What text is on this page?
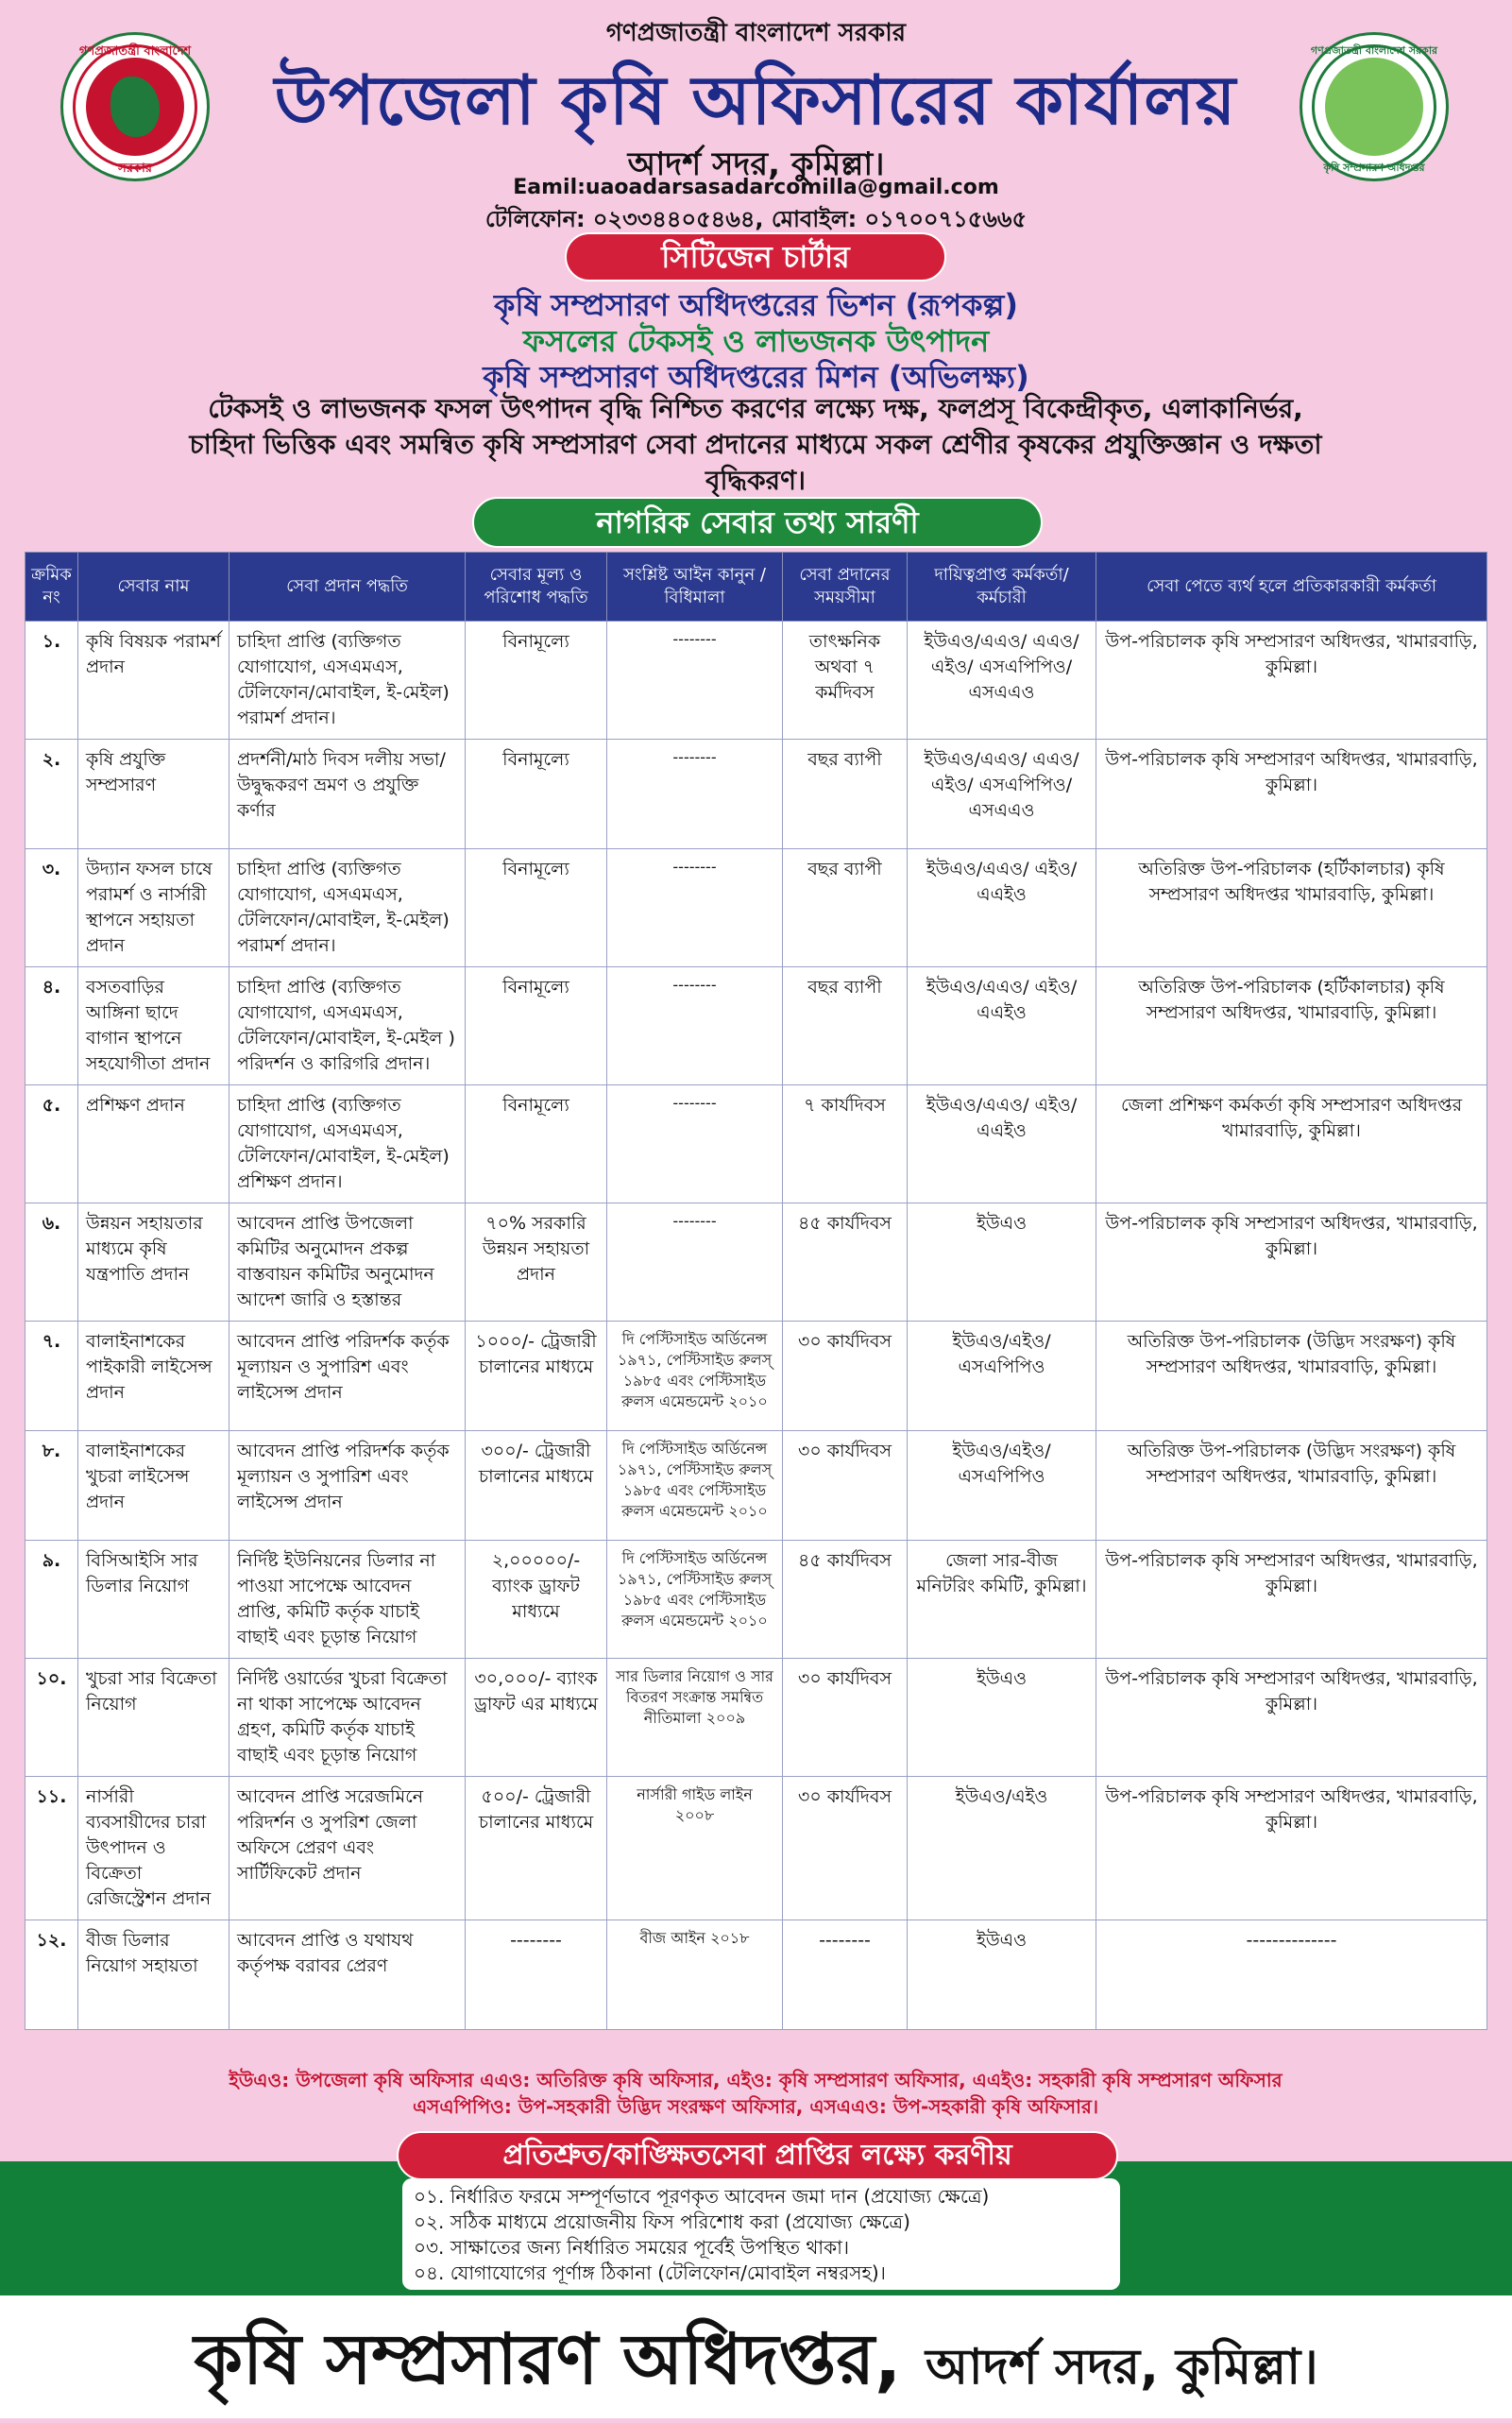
গণপ্রজাতন্ত্রী বাংলাদেশ সরকার
গণপ্রজাতন্ত্রী বাংলাদেশ
সরকার
উপজেলা কৃষি অফিসারের কার্যালয়
আদর্শ সদর, কুমিল্লা।
Eamil:uaoadarsasadarcomilla@gmail.com
টেলিফোন: ০২৩৩৪৪০৫৪৬৪, মোবাইল: ০১৭০০৭১৫৬৬৫
গণপ্রজাতন্ত্রী বাংলাদেশ সরকার
কৃষি সম্প্রসারণ অধিদপ্তর
সিটিজেন চার্টার
কৃষি সম্প্রসারণ অধিদপ্তরের ভিশন (রূপকল্প)
ফসলের টেকসই ও লাভজনক উৎপাদন
কৃষি সম্প্রসারণ অধিদপ্তরের মিশন (অভিলক্ষ্য)
টেকসই ও লাভজনক ফসল উৎপাদন বৃদ্ধি নিশ্চিত করণের লক্ষ্যে দক্ষ, ফলপ্রসূ বিকেন্দ্রীকৃত, এলাকানির্ভর, চাহিদা ভিত্তিক এবং সমন্বিত কৃষি সম্প্রসারণ সেবা প্রদানের মাধ্যমে সকল শ্রেণীর কৃষকের প্রযুক্তিজ্ঞান ও দক্ষতা বৃদ্ধিকরণ।
নাগরিক সেবার তথ্য সারণী
ক্রমিক নং	সেবার নাম	সেবা প্রদান পদ্ধতি	সেবার মূল্য ও পরিশোধ পদ্ধতি	সংশ্লিষ্ট আইন কানুন /বিধিমালা	সেবা প্রদানের সময়সীমা	দায়িত্বপ্রাপ্ত কর্মকর্তা/কর্মচারী	সেবা পেতে ব্যর্থ হলে প্রতিকারকারী কর্মকর্তা
১.	কৃষি বিষয়ক পরামর্শ প্রদান	চাহিদা প্রাপ্তি (ব্যক্তিগত যোগাযোগ, এসএমএস, টেলিফোন/মোবাইল, ই-মেইল) পরামর্শ প্রদান।	বিনামূল্যে	--------	তাৎক্ষনিক অথবা ৭ কর্মদিবস	ইউএও/এএও/ এএও/এইও/ এসএপিপিও/ এসএএও	উপ-পরিচালক কৃষি সম্প্রসারণ অধিদপ্তর, খামারবাড়ি, কুমিল্লা।
২.	কৃষি প্রযুক্তি সম্প্রসারণ	প্রদর্শনী/মাঠ দিবস দলীয় সভা/উদ্বুদ্ধকরণ ভ্রমণ ও প্রযুক্তি কর্ণার	বিনামূল্যে	--------	বছর ব্যাপী	ইউএও/এএও/ এএও/এইও/ এসএপিপিও/ এসএএও	উপ-পরিচালক কৃষি সম্প্রসারণ অধিদপ্তর, খামারবাড়ি, কুমিল্লা।
৩.	উদ্যান ফসল চাষে পরামর্শ ও নার্সারী স্থাপনে সহায়তা প্রদান	চাহিদা প্রাপ্তি (ব্যক্তিগত যোগাযোগ, এসএমএস, টেলিফোন/মোবাইল, ই-মেইল) পরামর্শ প্রদান।	বিনামূল্যে	--------	বছর ব্যাপী	ইউএও/এএও/ এইও/এএইও	অতিরিক্ত উপ-পরিচালক (হর্টিকালচার) কৃষি সম্প্রসারণ অধিদপ্তর খামারবাড়ি, কুমিল্লা।
৪.	বসতবাড়ির আঙ্গিনা ছাদে বাগান স্থাপনে সহযোগীতা প্রদান	চাহিদা প্রাপ্তি (ব্যক্তিগত যোগাযোগ, এসএমএস, টেলিফোন/মোবাইল, ই-মেইল ) পরিদর্শন ও কারিগরি প্রদান।	বিনামূল্যে	--------	বছর ব্যাপী	ইউএও/এএও/ এইও/এএইও	অতিরিক্ত উপ-পরিচালক (হর্টিকালচার) কৃষি সম্প্রসারণ অধিদপ্তর, খামারবাড়ি, কুমিল্লা।
৫.	প্রশিক্ষণ প্রদান	চাহিদা প্রাপ্তি (ব্যক্তিগত যোগাযোগ, এসএমএস, টেলিফোন/মোবাইল, ই-মেইল) প্রশিক্ষণ প্রদান।	বিনামূল্যে	--------	৭ কার্যদিবস	ইউএও/এএও/ এইও/এএইও	জেলা প্রশিক্ষণ কর্মকর্তা কৃষি সম্প্রসারণ অধিদপ্তর খামারবাড়ি, কুমিল্লা।
৬.	উন্নয়ন সহায়তার মাধ্যমে কৃষি যন্ত্রপাতি প্রদান	আবেদন প্রাপ্তি উপজেলা কমিটির অনুমোদন প্রকল্প বাস্তবায়ন কমিটির অনুমোদন আদেশ জারি ও হস্তান্তর	৭০% সরকারি উন্নয়ন সহায়তা প্রদান	--------	৪৫ কার্যদিবস	ইউএও	উপ-পরিচালক কৃষি সম্প্রসারণ অধিদপ্তর, খামারবাড়ি, কুমিল্লা।
৭.	বালাইনাশকের পাইকারী লাইসেন্স প্রদান	আবেদন প্রাপ্তি পরিদর্শক কর্তৃক মূল্যায়ন ও সুপারিশ এবং লাইসেন্স প্রদান	১০০০/- ট্রেজারী চালানের মাধ্যমে	দি পেস্টিসাইড অর্ডিনেন্স ১৯৭১, পেস্টিসাইড রুলস্ ১৯৮৫ এবং পেস্টিসাইড রুলস এমেন্ডমেন্ট ২০১০	৩০ কার্যদিবস	ইউএও/এইও/ এসএপিপিও	অতিরিক্ত উপ-পরিচালক (উদ্ভিদ সংরক্ষণ) কৃষি সম্প্রসারণ অধিদপ্তর, খামারবাড়ি, কুমিল্লা।
৮.	বালাইনাশকের খুচরা লাইসেন্স প্রদান	আবেদন প্রাপ্তি পরিদর্শক কর্তৃক মূল্যায়ন ও সুপারিশ এবং লাইসেন্স প্রদান	৩০০/- ট্রেজারী চালানের মাধ্যমে	দি পেস্টিসাইড অর্ডিনেন্স ১৯৭১, পেস্টিসাইড রুলস্ ১৯৮৫ এবং পেস্টিসাইড রুলস এমেন্ডমেন্ট ২০১০	৩০ কার্যদিবস	ইউএও/এইও/ এসএপিপিও	অতিরিক্ত উপ-পরিচালক (উদ্ভিদ সংরক্ষণ) কৃষি সম্প্রসারণ অধিদপ্তর, খামারবাড়ি, কুমিল্লা।
৯.	বিসিআইসি সার ডিলার নিয়োগ	নির্দিষ্ট ইউনিয়নের ডিলার না পাওয়া সাপেক্ষে আবেদন প্রাপ্তি, কমিটি কর্তৃক যাচাই বাছাই এবং চূড়ান্ত নিয়োগ	২,০০০০০/- ব্যাংক ড্রাফট মাধ্যমে	দি পেস্টিসাইড অর্ডিনেন্স ১৯৭১, পেস্টিসাইড রুলস্ ১৯৮৫ এবং পেস্টিসাইড রুলস এমেন্ডমেন্ট ২০১০	৪৫ কার্যদিবস	জেলা সার-বীজ মনিটরিং কমিটি, কুমিল্লা।	উপ-পরিচালক কৃষি সম্প্রসারণ অধিদপ্তর, খামারবাড়ি, কুমিল্লা।
১০.	খুচরা সার বিক্রেতা নিয়োগ	নির্দিষ্ট ওয়ার্ডের খুচরা বিক্রেতা না থাকা সাপেক্ষে আবেদন গ্রহণ, কমিটি কর্তৃক যাচাই বাছাই এবং চূড়ান্ত নিয়োগ	৩০,০০০/- ব্যাংক ড্রাফট এর মাধ্যমে	সার ডিলার নিয়োগ ও সার বিতরণ সংক্রান্ত সমন্বিত নীতিমালা ২০০৯	৩০ কার্যদিবস	ইউএও	উপ-পরিচালক কৃষি সম্প্রসারণ অধিদপ্তর, খামারবাড়ি, কুমিল্লা।
১১.	নার্সারী ব্যবসায়ীদের চারা উৎপাদন ও বিক্রেতা রেজিস্ট্রেশন প্রদান	আবেদন প্রাপ্তি সরেজমিনে পরিদর্শন ও সুপরিশ জেলা অফিসে প্রেরণ এবং সার্টিফিকেট প্রদান	৫০০/- ট্রেজারী চালানের মাধ্যমে	নার্সারী গাইড লাইন ২০০৮	৩০ কার্যদিবস	ইউএও/এইও	উপ-পরিচালক কৃষি সম্প্রসারণ অধিদপ্তর, খামারবাড়ি, কুমিল্লা।
১২.	বীজ ডিলার নিয়োগ সহায়তা	আবেদন প্রাপ্তি ও যথাযথ কর্তৃপক্ষ বরাবর প্রেরণ	--------	বীজ আইন ২০১৮	--------	ইউএও	--------------
ইউএও: উপজেলা কৃষি অফিসার এএও: অতিরিক্ত কৃষি অফিসার, এইও: কৃষি সম্প্রসারণ অফিসার, এএইও: সহকারী কৃষি সম্প্রসারণ অফিসার
এসএপিপিও: উপ-সহকারী উদ্ভিদ সংরক্ষণ অফিসার, এসএএও: উপ-সহকারী কৃষি অফিসার।
প্রতিশ্রুত/কাঙ্ক্ষিতসেবা প্রাপ্তির লক্ষ্যে করণীয়
০১. নির্ধারিত ফরমে সম্পূর্ণভাবে পূরণকৃত আবেদন জমা দান (প্রযোজ্য ক্ষেত্রে)
০২. সঠিক মাধ্যমে প্রয়োজনীয় ফিস পরিশোধ করা (প্রযোজ্য ক্ষেত্রে)
০৩. সাক্ষাতের জন্য নির্ধারিত সময়ের পূর্বেই উপস্থিত থাকা।
০৪. যোগাযোগের পূর্ণাঙ্গ ঠিকানা (টেলিফোন/মোবাইল নম্বরসহ)।
কৃষি সম্প্রসারণ অধিদপ্তর, আদর্শ সদর, কুমিল্লা।
